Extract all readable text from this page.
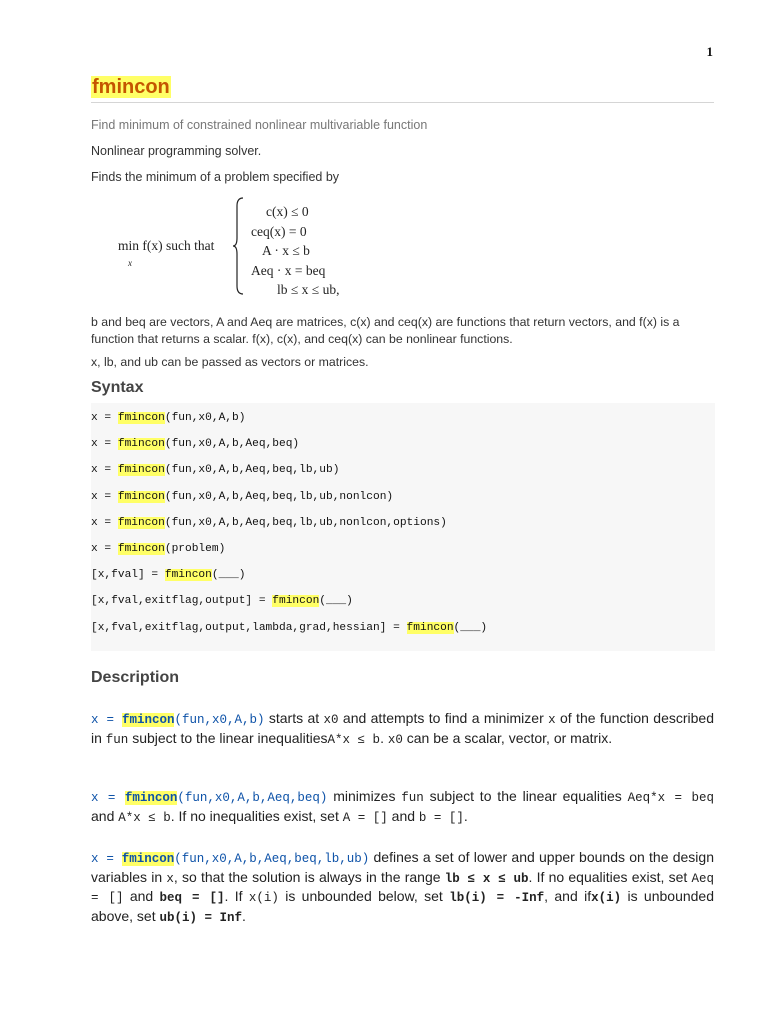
1
fmincon

Find minimum of constrained nonlinear multivariable function

Nonlinear programming solver.

Finds the minimum of a problem specified by

min f(x) such that
x
c(x) ≤ 0
ceq(x) = 0
A · x ≤ b
Aeq · x = beq
lb ≤ x ≤ ub,

b and beq are vectors, A and Aeq are matrices, c(x) and ceq(x) are functions that return vectors, and f(x) is a function that returns a scalar. f(x), c(x), and ceq(x) can be nonlinear functions.

x, lb, and ub can be passed as vectors or matrices.

Syntax
x = fmincon(fun,x0,A,b)
x = fmincon(fun,x0,A,b,Aeq,beq)
x = fmincon(fun,x0,A,b,Aeq,beq,lb,ub)
x = fmincon(fun,x0,A,b,Aeq,beq,lb,ub,nonlcon)
x = fmincon(fun,x0,A,b,Aeq,beq,lb,ub,nonlcon,options)
x = fmincon(problem)
[x,fval] = fmincon(___)
[x,fval,exitflag,output] = fmincon(___)
[x,fval,exitflag,output,lambda,grad,hessian] = fmincon(___)
Description
x = fmincon(fun,x0,A,b) starts at x0 and attempts to find a minimizer x of the function described in fun subject to the linear inequalitiesA*x ≤ b. x0 can be a scalar, vector, or matrix.
x = fmincon(fun,x0,A,b,Aeq,beq) minimizes fun subject to the linear equalities Aeq*x = beq and A*x ≤ b. If no inequalities exist, set A = [] and b = [].
x = fmincon(fun,x0,A,b,Aeq,beq,lb,ub) defines a set of lower and upper bounds on the design variables in x, so that the solution is always in the range lb ≤ x ≤ ub. If no equalities exist, set Aeq = [] and beq = []. If x(i) is unbounded below, set lb(i) = -Inf, and ifx(i) is unbounded above, set ub(i) = Inf.
